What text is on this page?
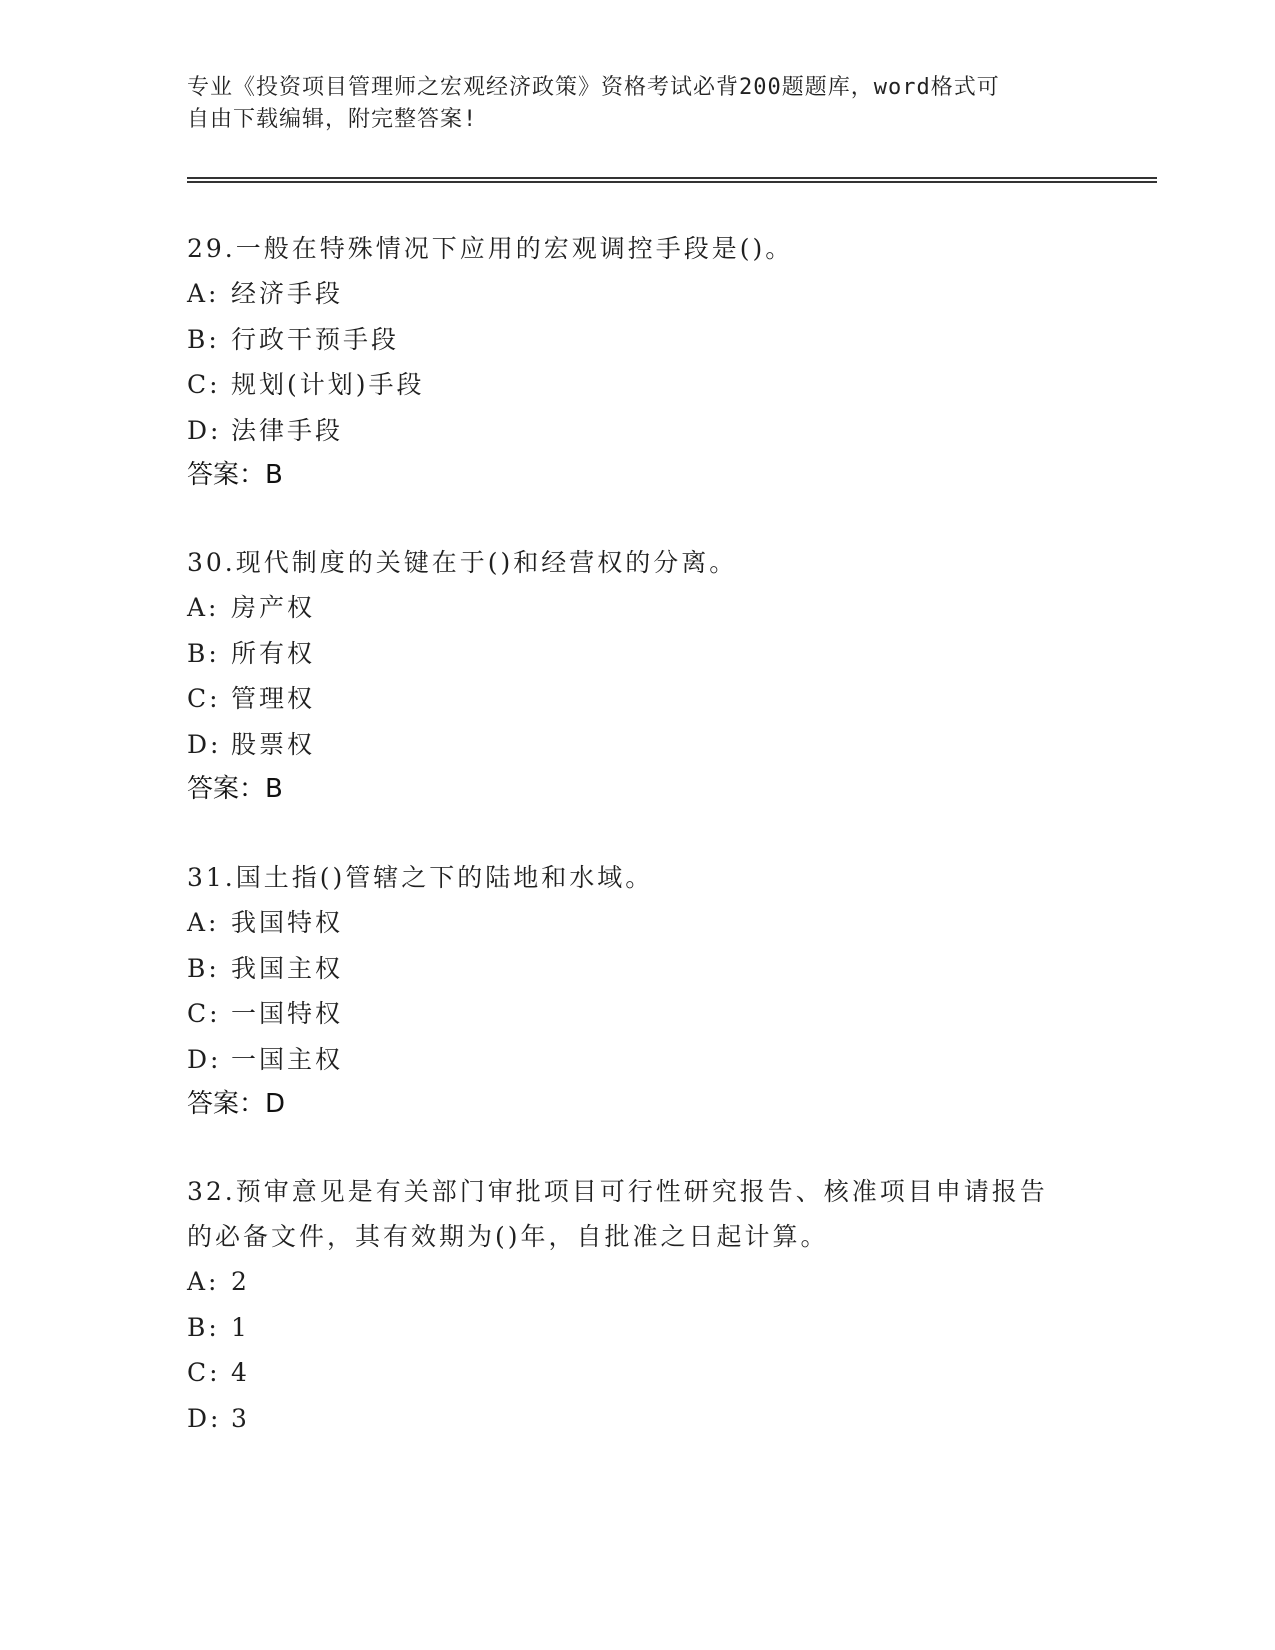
专业《投资项目管理师之宏观经济政策》资格考试必背200题题库，word格式可
自由下载编辑，附完整答案!
29.一般在特殊情况下应用的宏观调控手段是()。
A: 经济手段
B: 行政干预手段
C: 规划(计划)手段
D: 法律手段
答案：B
30.现代制度的关键在于()和经营权的分离。
A: 房产权
B: 所有权
C: 管理权
D: 股票权
答案：B
31.国土指()管辖之下的陆地和水域。
A: 我国特权
B: 我国主权
C: 一国特权
D: 一国主权
答案：D
32.预审意见是有关部门审批项目可行性研究报告、核准项目申请报告
的必备文件，其有效期为()年，自批准之日起计算。
A: 2
B: 1
C: 4
D: 3
